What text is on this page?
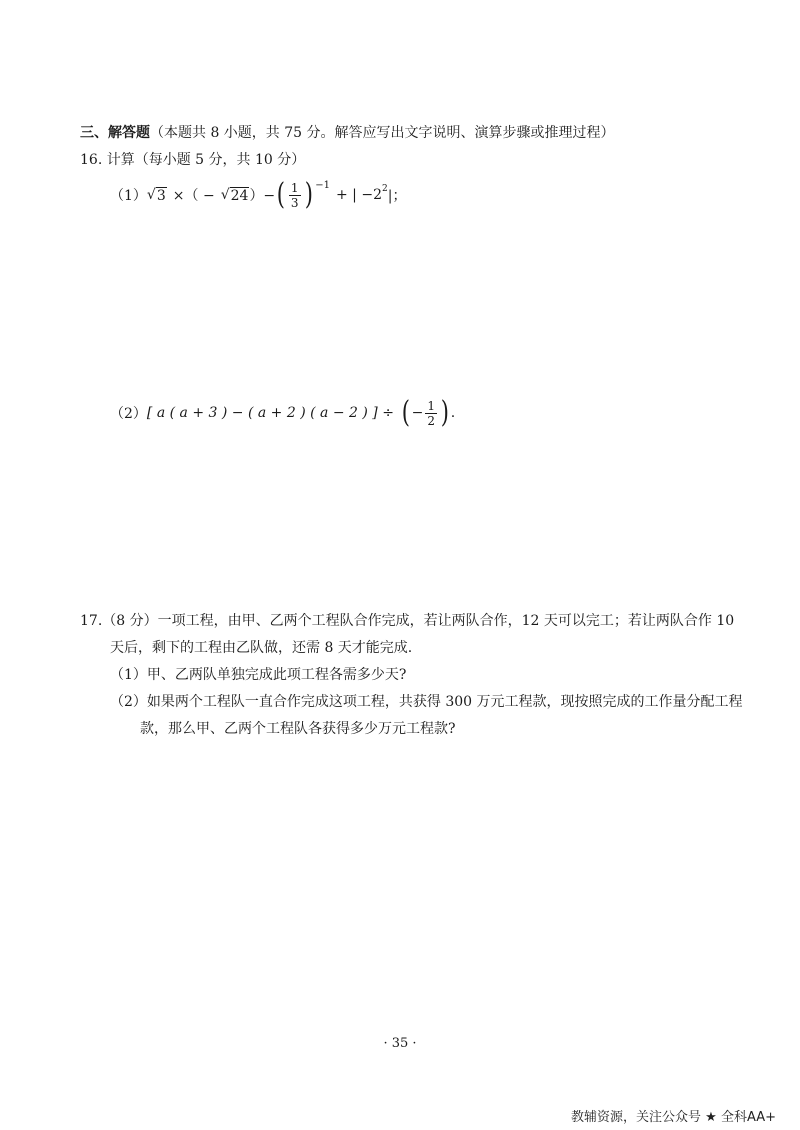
三、解答题（本题共 8 小题，共 75 分。解答应写出文字说明、演算步骤或推理过程）
16. 计算（每小题 5 分，共 10 分）
（1） √ 3 ×（ − √ 24 ）− ( $\frac{1}{3}$ ) −1
+ | −2 2 |；
（2） [ a ( a + 3 ) − ( a + 2 ) ( a − 2 ) ] ÷ ( − $\frac{1}{2}$ ) .
17.（8 分）一项工程，由甲、乙两个工程队合作完成，若让两队合作，12 天可以完工；若让两队合作 10
天后，剩下的工程由乙队做，还需 8 天才能完成.
（1）甲、乙两队单独完成此项工程各需多少天?
（2）如果两个工程队一直合作完成这项工程，共获得 300 万元工程款，现按照完成的工作量分配工程
款，那么甲、乙两个工程队各获得多少万元工程款?
· 35 ·
教辅资源，关注公众号 ★ 全科AA+
